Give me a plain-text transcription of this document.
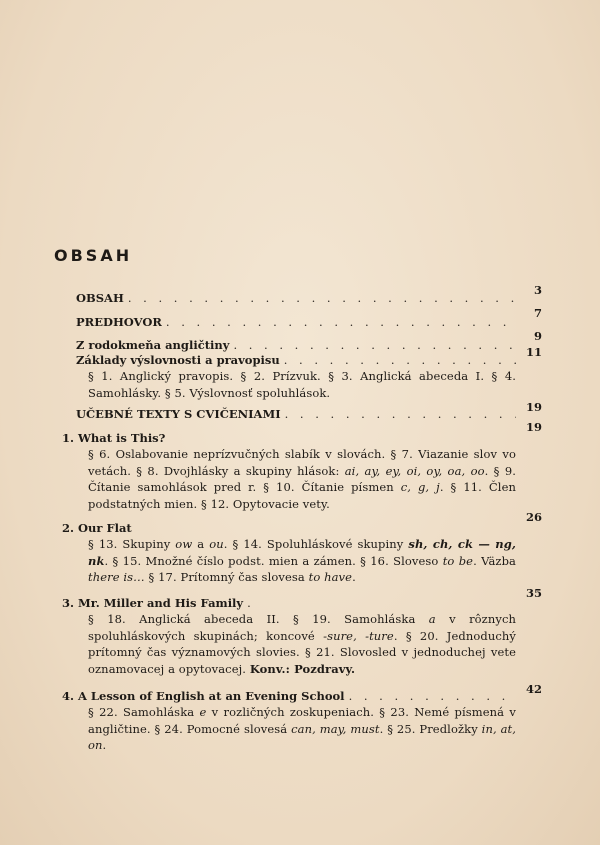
OBSAH
OBSAH
. . .
3
PREDHOVOR
. . .
7
Z rodokmeňa angličtiny
. . .
9
Základy výslovnosti a pravopisu
. . .
§ 1. Anglický pravopis. § 2. Prízvuk. § 3. Anglická abeceda I. § 4. Samohlásky. § 5. Výslovnosť spoluhlások.
11
UČEBNÉ TEXTY S CVIČENIAMI
. . .	19
1. What is This?
§ 6. Oslabovanie neprízvučných slabík v slovách. § 7. Viazanie slov vo vetách. § 8. Dvojhlásky a skupiny hlások: ai, ay, ey, oi, oy, oa, oo. § 9. Čítanie samohlások pred r. § 10. Čítanie písmen c, g, j. § 11. Člen podstatných mien. § 12. Opytovacie vety.
19
2. Our Flat
§ 13. Skupiny ow a ou. § 14. Spoluhláskové skupiny sh, ch, ck — ng, nk. § 15. Množné číslo podst. mien a zámen. § 16. Sloveso to be. Väzba there is… § 17. Prítomný čas slovesa to have.
26
3. Mr. Miller and His Family
. . .
§ 18. Anglická abeceda II. § 19. Samohláska a v rôznych spoluhláskových skupinách; koncové -sure, -ture. § 20. Jednoduchý prítomný čas významových slovies. § 21. Slovosled v jednoduchej vete oznamovacej a opytovacej. Konv.: Pozdravy.
35
4. A Lesson of English at an Evening School
. . .
§ 22. Samohláska e v rozličných zoskupeniach. § 23. Nemé písmená v angličtine. § 24. Pomocné slovesá can, may, must. § 25. Predložky in, at, on.
42
